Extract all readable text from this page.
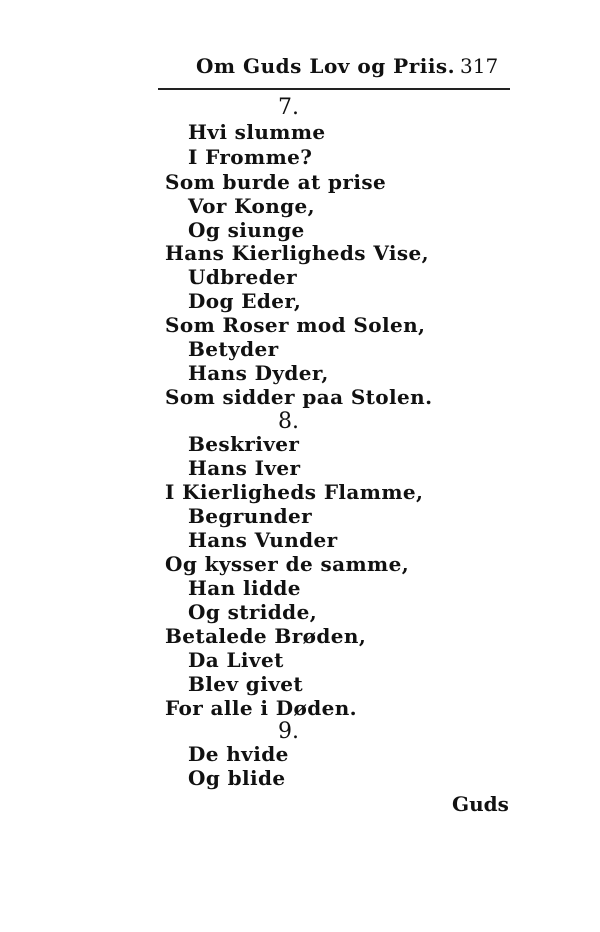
Om Guds Lov og Priis. 317
7.
Hvi slumme
I Fromme?
Som burde at prise
Vor Konge,
Og siunge
Hans Kierligheds Vise,
Udbreder
Dog Eder,
Som Roser mod Solen,
Betyder
Hans Dyder,
Som sidder paa Stolen.
8.
Beskriver
Hans Iver
I Kierligheds Flamme,
Begrunder
Hans Vunder
Og kysser de samme,
Han lidde
Og stridde,
Betalede Brøden,
Da Livet
Blev givet
For alle i Døden.
9.
De hvide
Og blide
Guds
